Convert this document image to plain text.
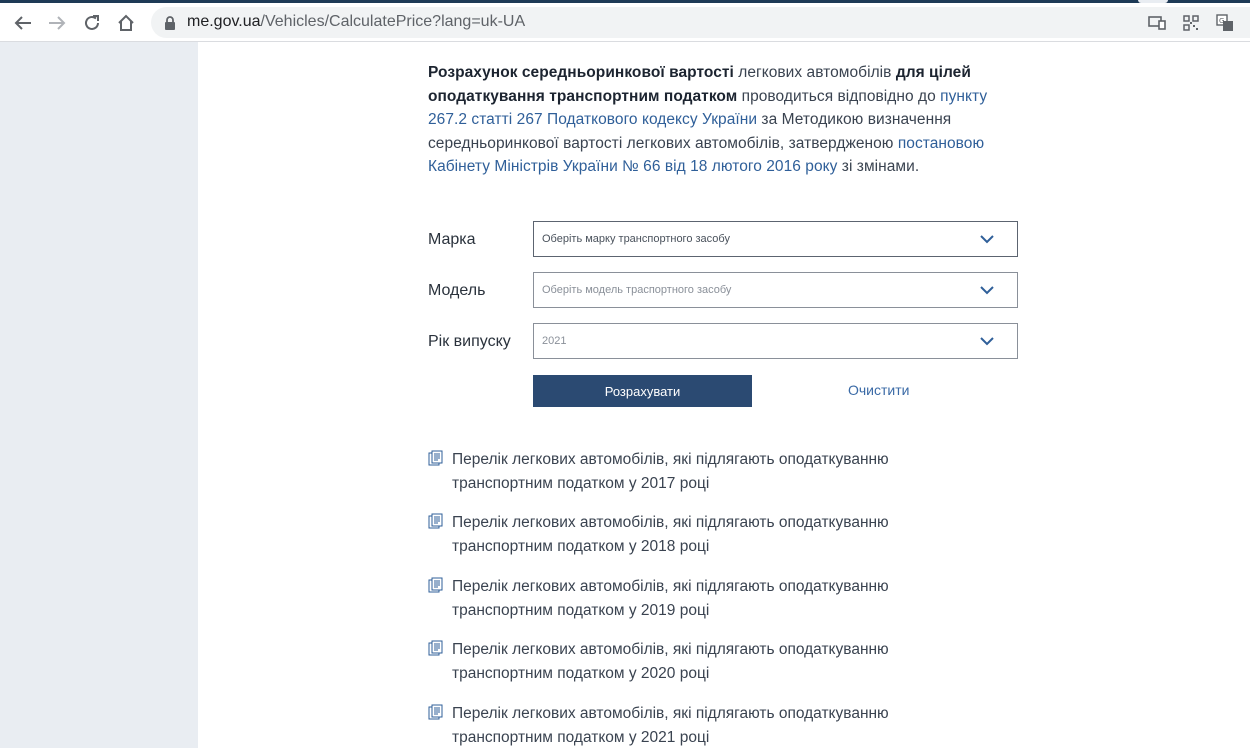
me.gov.ua/Vehicles/CalculatePrice?lang=uk-UA	G
Розрахунок середньоринкової вартості легкових автомобілів для цілей оподаткування транспортним податком проводиться відповідно до пункту 267.2 статті 267 Податкового кодексу України за Методикою визначення середньоринкової вартості легкових автомобілів, затвердженою постановою Кабінету Міністрів України № 66 від 18 лютого 2016 року зі змінами.
Марка	Оберіть марку транспортного засобу
Модель	Оберіть модель трaспортного засобу
Рік випуску	2021
Розрахувати	Очистити
Перелік легкових автомобілів, які підлягають оподаткуванню транспортним податком у 2017 році
Перелік легкових автомобілів, які підлягають оподаткуванню транспортним податком у 2018 році
Перелік легкових автомобілів, які підлягають оподаткуванню транспортним податком у 2019 році
Перелік легкових автомобілів, які підлягають оподаткуванню транспортним податком у 2020 році
Перелік легкових автомобілів, які підлягають оподаткуванню транспортним податком у 2021 році
